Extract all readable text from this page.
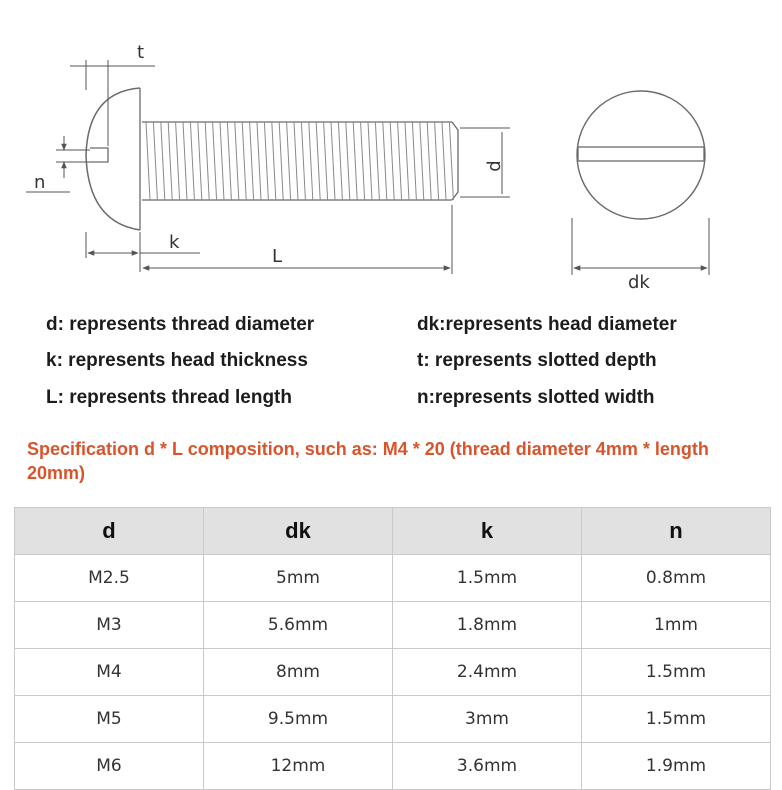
t
n
d
k
L
dk
d: represents thread diameter
k: represents head thickness
L: represents thread length
dk:represents head diameter
t: represents slotted depth
n:represents slotted width
Specification d * L composition, such as: M4 * 20 (thread diameter 4mm * length 20mm)
d	dk	k	n
M2.5	5mm	1.5mm	0.8mm
M3	5.6mm	1.8mm	1mm
M4	8mm	2.4mm	1.5mm
M5	9.5mm	3mm	1.5mm
M6	12mm	3.6mm	1.9mm
